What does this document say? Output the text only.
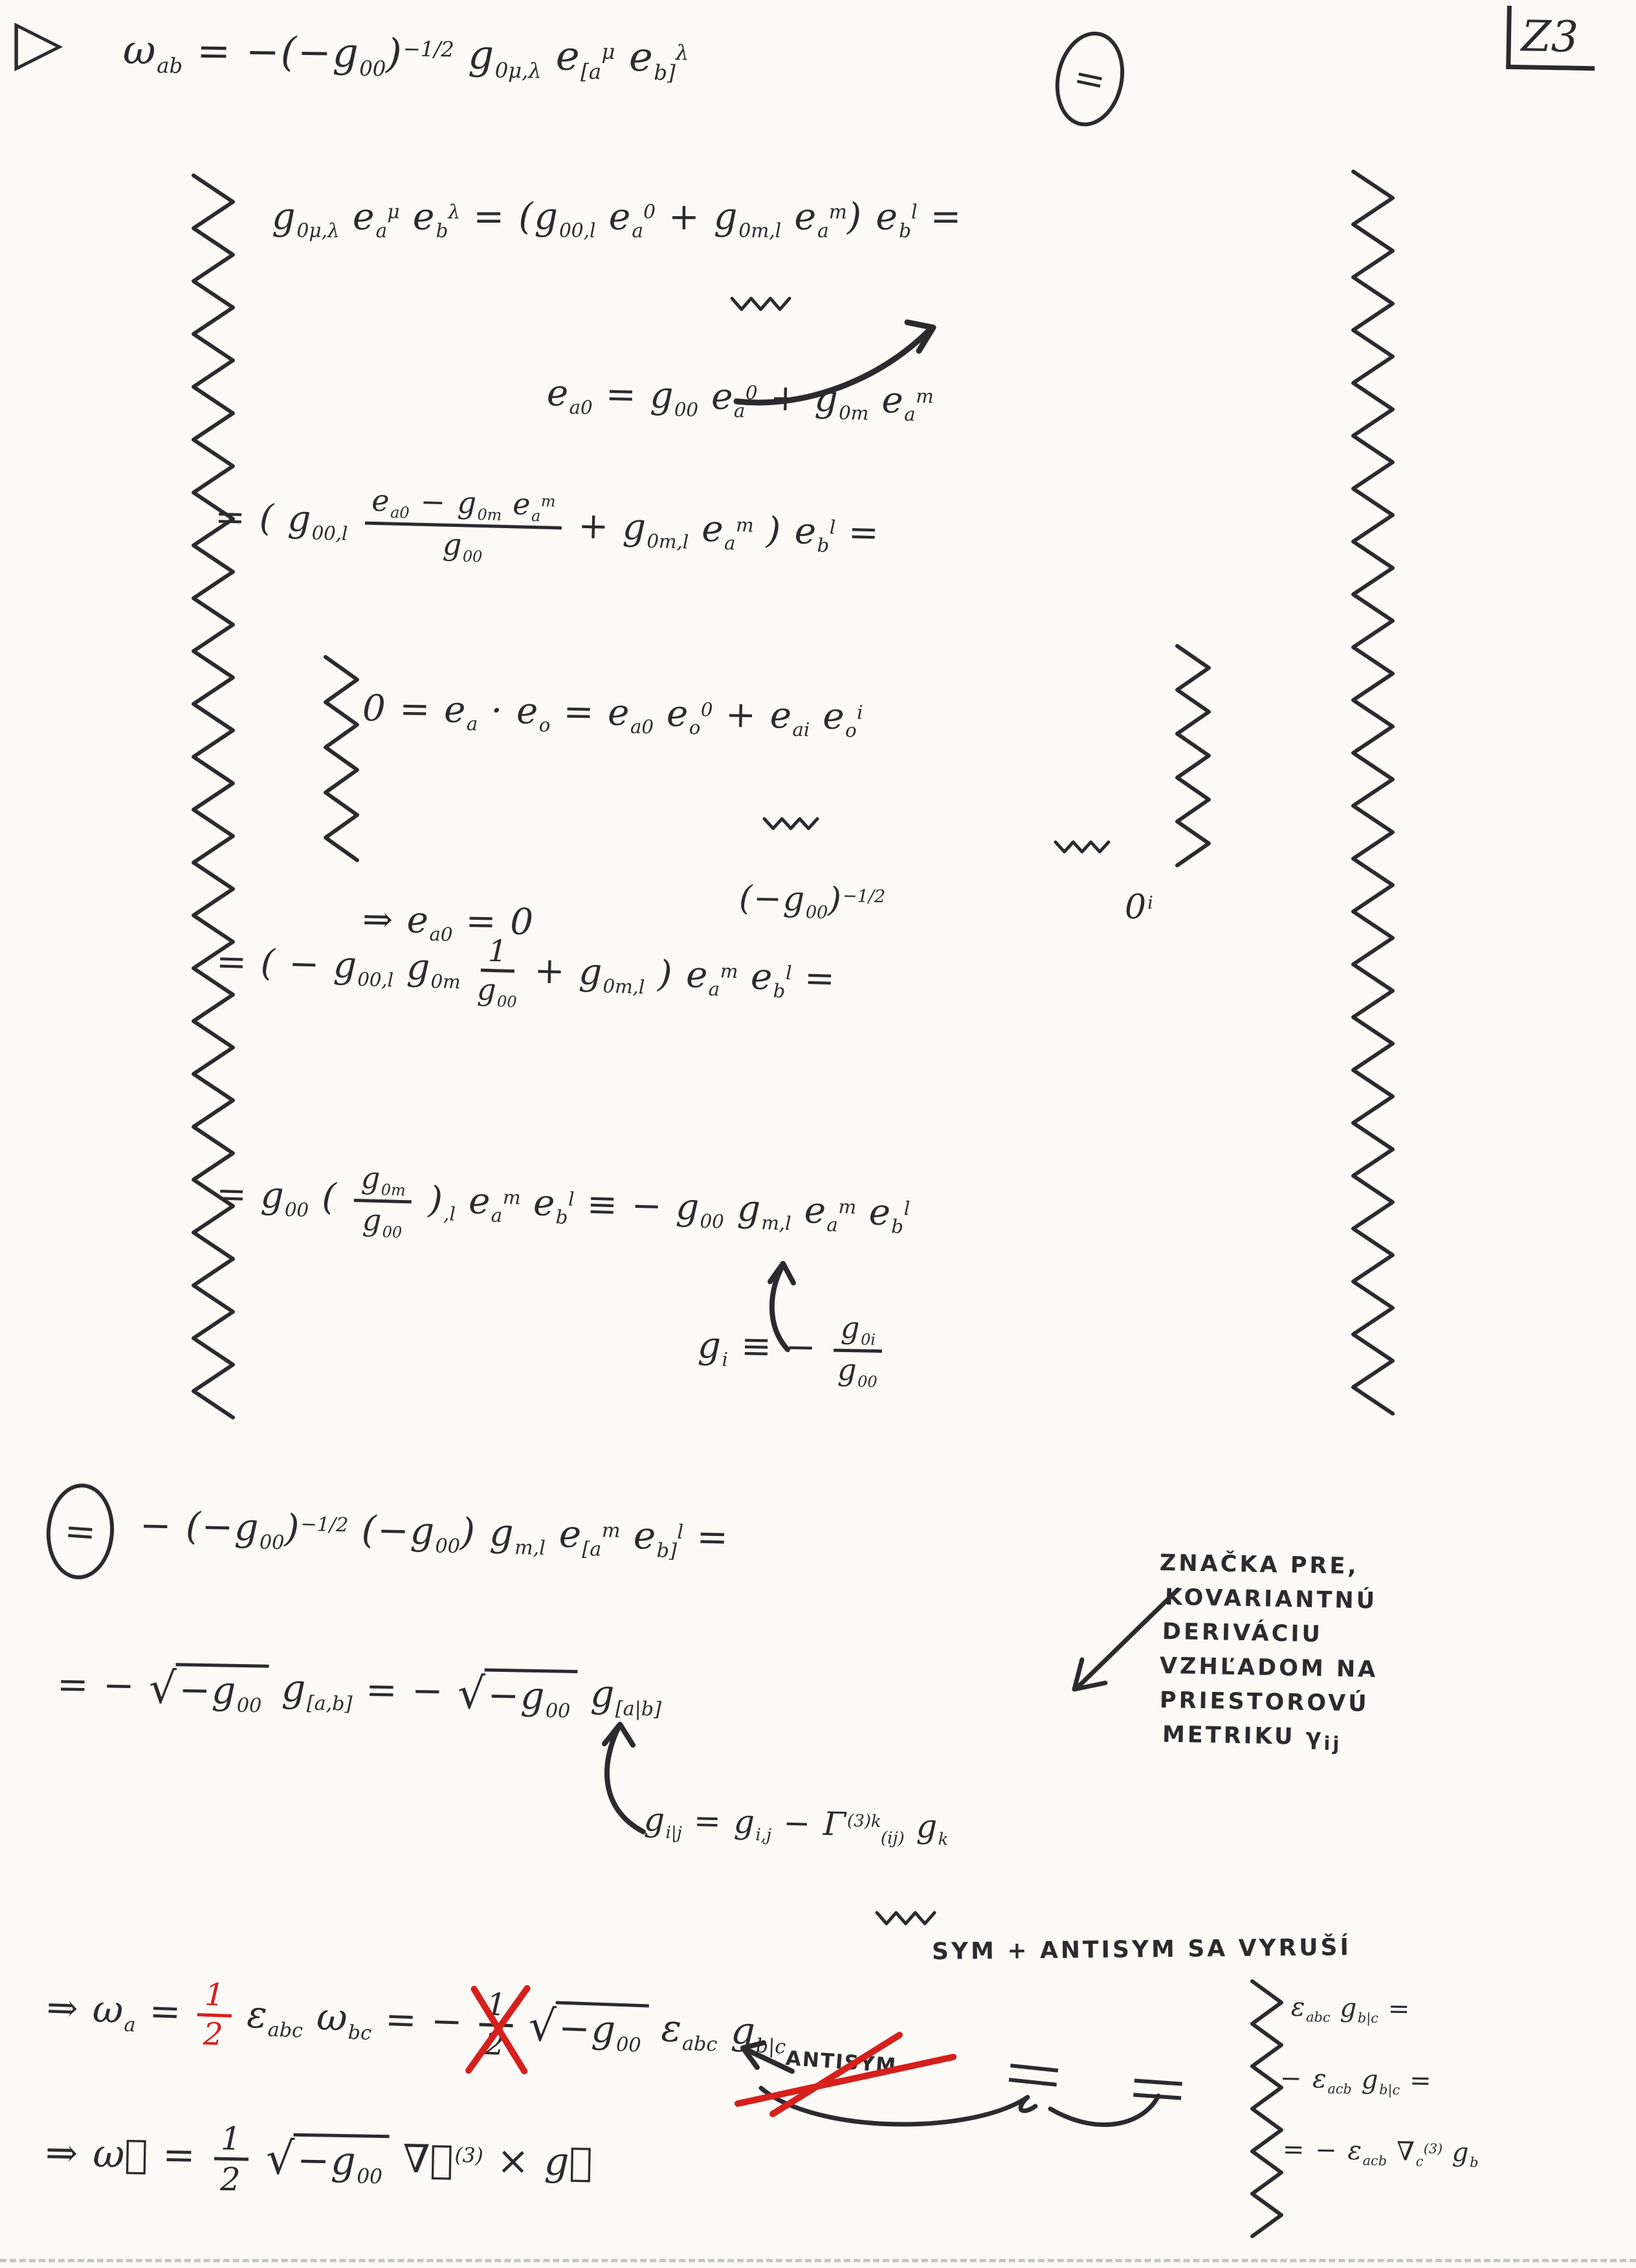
▷ $\omega_{ab} = -(-g_{00})^{-1/2}$ $g_{0\mu,\lambda}$ $e_{[a}^\mu$ $e_{b]}^\lambda$
=
Z3
$g_{0\mu,\lambda}$ $e_a^\mu$ $e_b^\lambda = (g_{00,l}$ $e_a^0 + g_{0m,l}$ $e_a^m$) $e_b^l$ =
$e_{a0} = g_{00}$ $e_a^0 + g_{0m}$ $e_a^m$
= ( $g_{00,l} \frac{e_{a0} - g_{0m} e_a^m}{g_{00}} + g_{0m,l}$ $e_a^m$ ) $e_b^l$ =
$0 = e_a \cdot e_o = e_{a0}$ $e_o^0 + e_{ai}$ $e_o^i$
⇒ $e_{a0} = 0$
$(-g_{00})^{-1/2}$	$0^i$
= ( − $g_{00,l}$ $g_{0m} \frac{1}{g_{00}} + g_{0m,l}$ ) $e_a^m$ $e_b^l$ =
= $g_{00}$ ( $\frac{g_{0m}}{g_{00}} )_{,l}$ $e_a^m$ $e_b^l$ ≡ − $g_{00}$ $g_{m,l}$ $e_a^m$ $e_b^l$
$g_i$ ≡ − $\frac{g_{0i}}{g_{00}}$
=	− $(-g_{00})^{-1/2}$ $(-g_{00})$ $g_{m,l}$ $e_{[a}^m$ $e_{b]}^l$ =
ZNAČKA PRE,
KOVARIANTNÚ
DERIVÁCIU
VZHĽADOM NA
PRIESTOROVÚ
METRIKU $\gamma_{ij}$
= −
√ $-g_{00}$ $g_{[a,b]}$ = −
√ $-g_{00}$ $g_{[a|b]}$
$g_{i|j} = g_{i,j} - \Gamma^{(3)k}_{(ij)}$ $g_k$
SYM + ANTISYM SA VYRUŠÍ
⇒ $\omega_a = \frac{1}{2} \varepsilon_{abc}$ $\omega_{bc}$ = − $\frac{1}{2}$ √ $-g_{00}$ $\varepsilon_{abc}$ $g_{b|c}$
ANTISYM
⇒ ω⃗ = $\frac{1}{2}$
√ $-g_{00}$ ∇⃗$^{(3)}$ × g⃗
$\varepsilon_{abc}$ $g_{b|c}$ =
− $\varepsilon_{acb}$ $g_{b|c}$ =
= − $\varepsilon_{acb}$ $\nabla_c^{(3)}$ $g_b$
